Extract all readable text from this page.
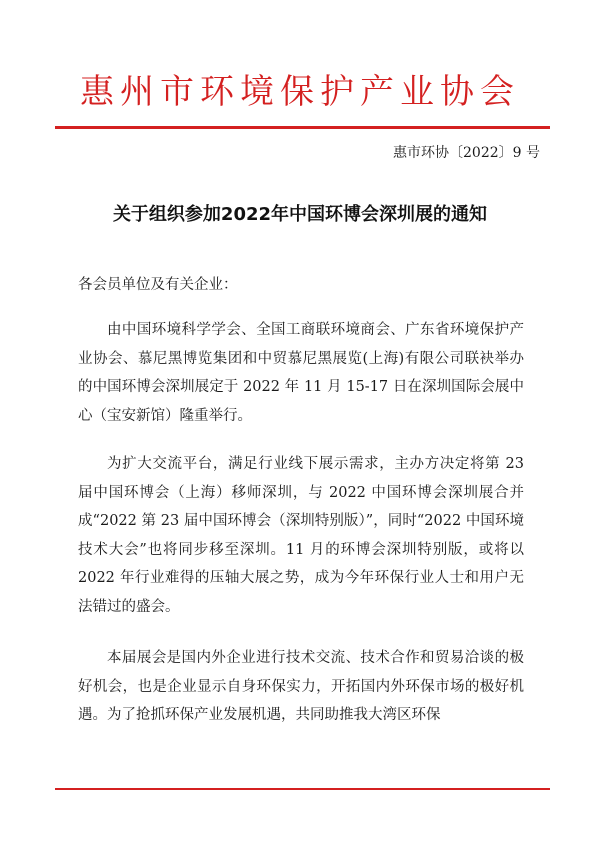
惠州市环境保护产业协会
惠市环协〔2022〕9 号
关于组织参加2022年中国环博会深圳展的通知
各会员单位及有关企业：

由中国环境科学学会、全国工商联环境商会、广东省环境保护产业协会、慕尼黑博览集团和中贸慕尼黑展览(上海)有限公司联袂举办的中国环博会深圳展定于 2022 年 11 月 15-17 日在深圳国际会展中心（宝安新馆）隆重举行。

为扩大交流平台，满足行业线下展示需求，主办方决定将第 23 届中国环博会（上海）移师深圳，与 2022 中国环博会深圳展合并成“2022 第 23 届中国环博会（深圳特别版）”，同时“2022 中国环境技术大会”也将同步移至深圳。11 月的环博会深圳特别版，或将以 2022 年行业难得的压轴大展之势，成为今年环保行业人士和用户无法错过的盛会。

本届展会是国内外企业进行技术交流、技术合作和贸易洽谈的极好机会，也是企业显示自身环保实力，开拓国内外环保市场的极好机遇。为了抢抓环保产业发展机遇，共同助推我大湾区环保
